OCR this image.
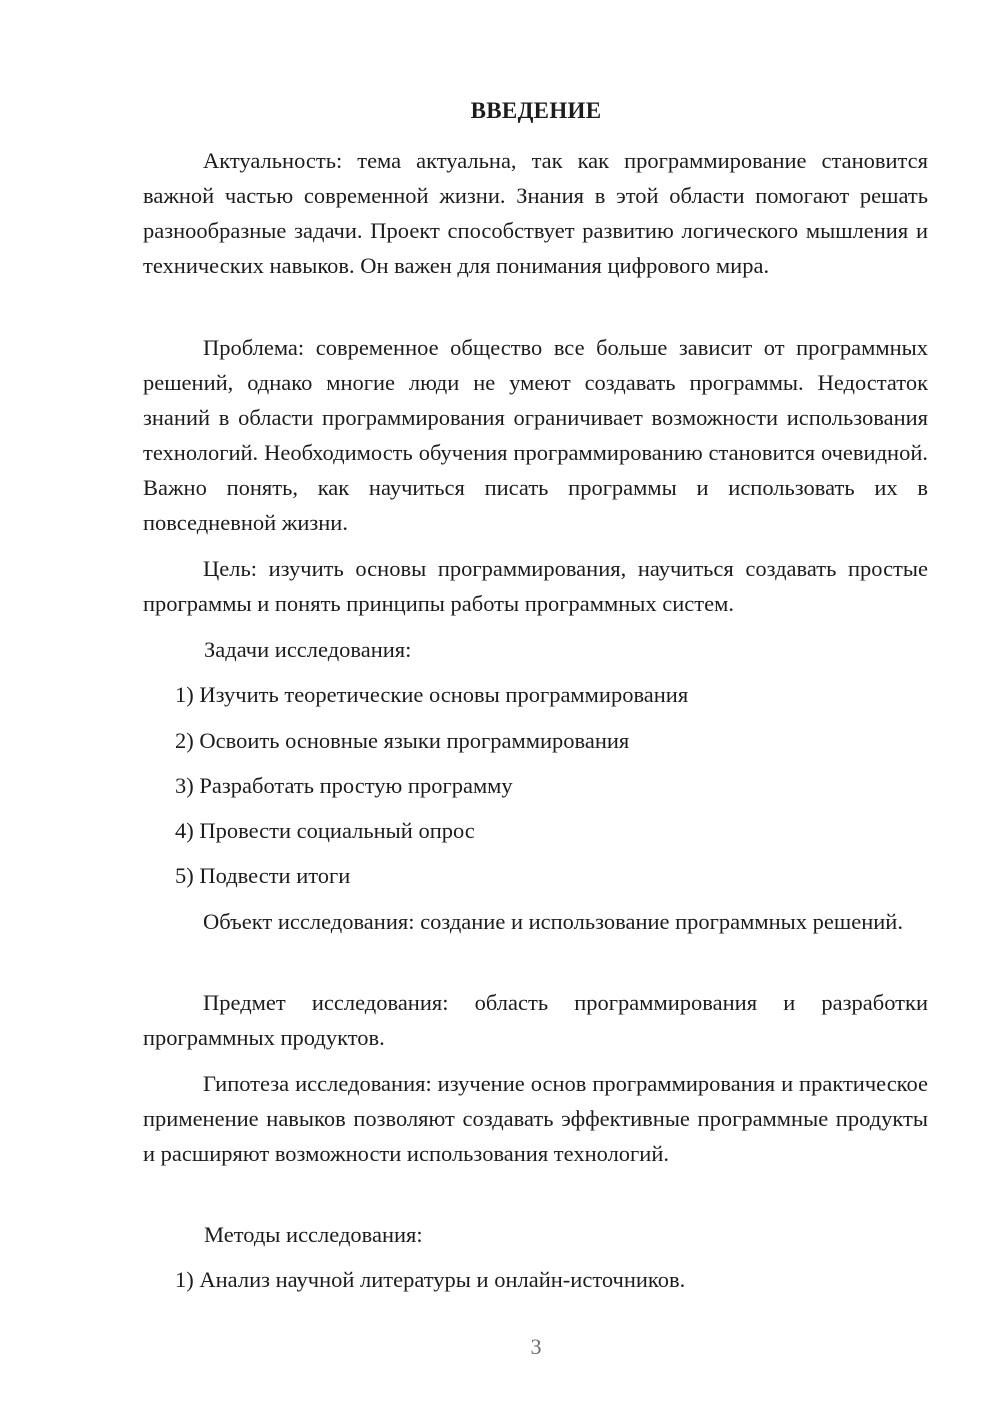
ВВЕДЕНИЕ

Актуальность: тема актуальна, так как программирование становится важной частью современной жизни. Знания в этой области помогают решать разнообразные задачи. Проект способствует развитию логического мышления и технических навыков. Он важен для понимания цифрового мира.

Проблема: современное общество все больше зависит от программных решений, однако многие люди не умеют создавать программы. Недостаток знаний в области программирования ограничивает возможности использования технологий. Необходимость обучения программированию становится очевидной. Важно понять, как научиться писать программы и использовать их в повседневной жизни.

Цель: изучить основы программирования, научиться создавать простые программы и понять принципы работы программных систем.

Задачи исследования:

1) Изучить теоретические основы программирования

2) Освоить основные языки программирования

3) Разработать простую программу

4) Провести социальный опрос

5) Подвести итоги

Объект исследования: создание и использование программных решений.

Предмет исследования: область программирования и разработки программных продуктов.

Гипотеза исследования: изучение основ программирования и практическое применение навыков позволяют создавать эффективные программные продукты и расширяют возможности использования технологий.

Методы исследования:

1) Анализ научной литературы и онлайн-источников.

3
